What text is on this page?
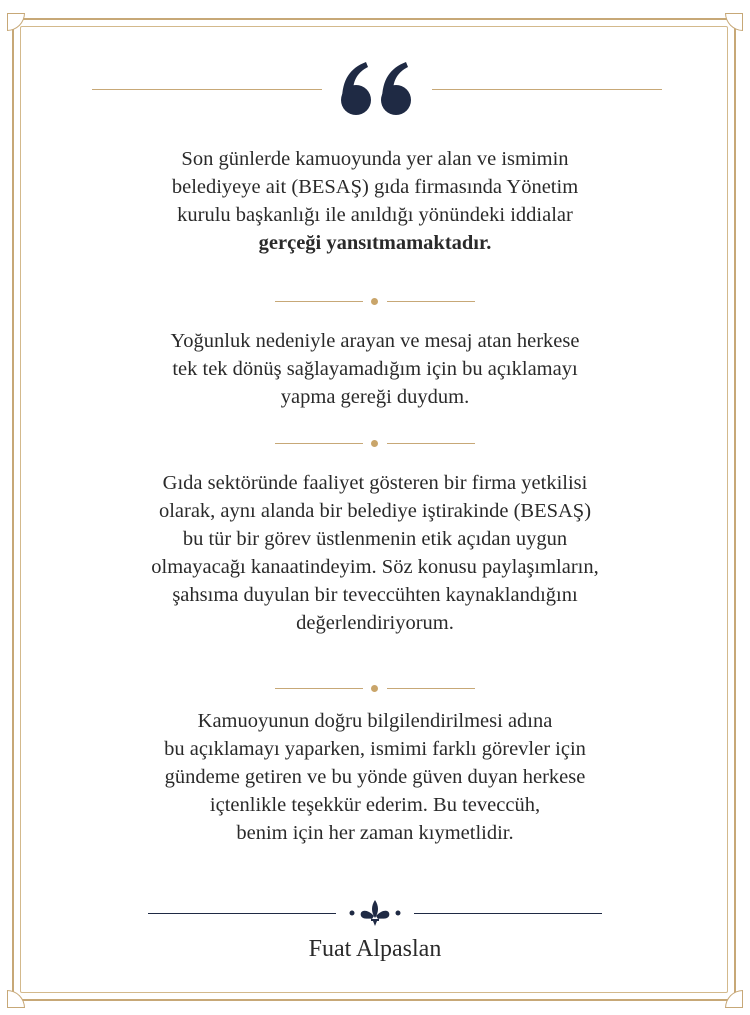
Son günlerde kamuoyunda yer alan ve ismimin
belediyeye ait (BESAŞ) gıda firmasında Yönetim
kurulu başkanlığı ile anıldığı yönündeki iddialar
gerçeği yansıtmamaktadır.
Yoğunluk nedeniyle arayan ve mesaj atan herkese
tek tek dönüş sağlayamadığım için bu açıklamayı
yapma gereği duydum.
Gıda sektöründe faaliyet gösteren bir firma yetkilisi
olarak, aynı alanda bir belediye iştirakinde (BESAŞ)
bu tür bir görev üstlenmenin etik açıdan uygun
olmayacağı kanaatindeyim. Söz konusu paylaşımların,
şahsıma duyulan bir teveccühten kaynaklandığını
değerlendiriyorum.
Kamuoyunun doğru bilgilendirilmesi adına
bu açıklamayı yaparken, ismimi farklı görevler için
gündeme getiren ve bu yönde güven duyan herkese
içtenlikle teşekkür ederim. Bu teveccüh,
benim için her zaman kıymetlidir.
Fuat Alpaslan
